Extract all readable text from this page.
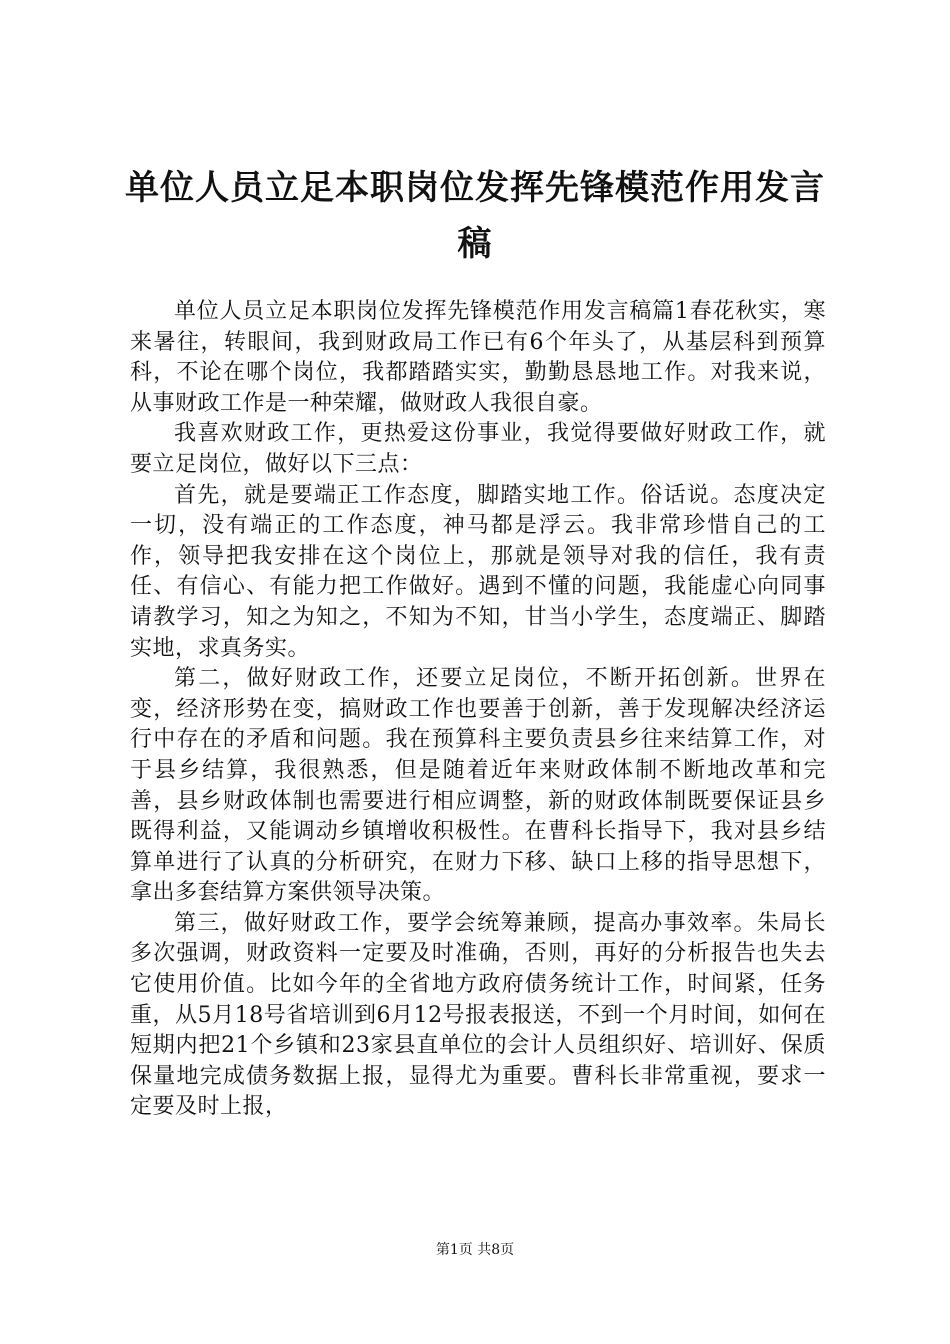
单位人员立足本职岗位发挥先锋模范作用发言稿

单位人员立足本职岗位发挥先锋模范作用发言稿篇1春花秋实，寒来暑往，转眼间，我到财政局工作已有6个年头了，从基层科到预算科，不论在哪个岗位，我都踏踏实实，勤勤恳恳地工作。对我来说，从事财政工作是一种荣耀，做财政人我很自豪。

我喜欢财政工作，更热爱这份事业，我觉得要做好财政工作，就要立足岗位，做好以下三点：

首先，就是要端正工作态度，脚踏实地工作。俗话说。态度决定一切，没有端正的工作态度，神马都是浮云。我非常珍惜自己的工作，领导把我安排在这个岗位上，那就是领导对我的信任，我有责任、有信心、有能力把工作做好。遇到不懂的问题，我能虚心向同事请教学习，知之为知之，不知为不知，甘当小学生，态度端正、脚踏实地，求真务实。

第二，做好财政工作，还要立足岗位，不断开拓创新。世界在变，经济形势在变，搞财政工作也要善于创新，善于发现解决经济运行中存在的矛盾和问题。我在预算科主要负责县乡往来结算工作，对于县乡结算，我很熟悉，但是随着近年来财政体制不断地改革和完善，县乡财政体制也需要进行相应调整，新的财政体制既要保证县乡既得利益，又能调动乡镇增收积极性。在曹科长指导下，我对县乡结算单进行了认真的分析研究，在财力下移、缺口上移的指导思想下，拿出多套结算方案供领导决策。

第三，做好财政工作，要学会统筹兼顾，提高办事效率。朱局长多次强调，财政资料一定要及时准确，否则，再好的分析报告也失去它使用价值。比如今年的全省地方政府债务统计工作，时间紧，任务重，从5月18号省培训到6月12号报表报送，不到一个月时间，如何在短期内把21个乡镇和23家县直单位的会计人员组织好、培训好、保质保量地完成债务数据上报，显得尤为重要。曹科长非常重视，要求一定要及时上报，

第1页 共8页
